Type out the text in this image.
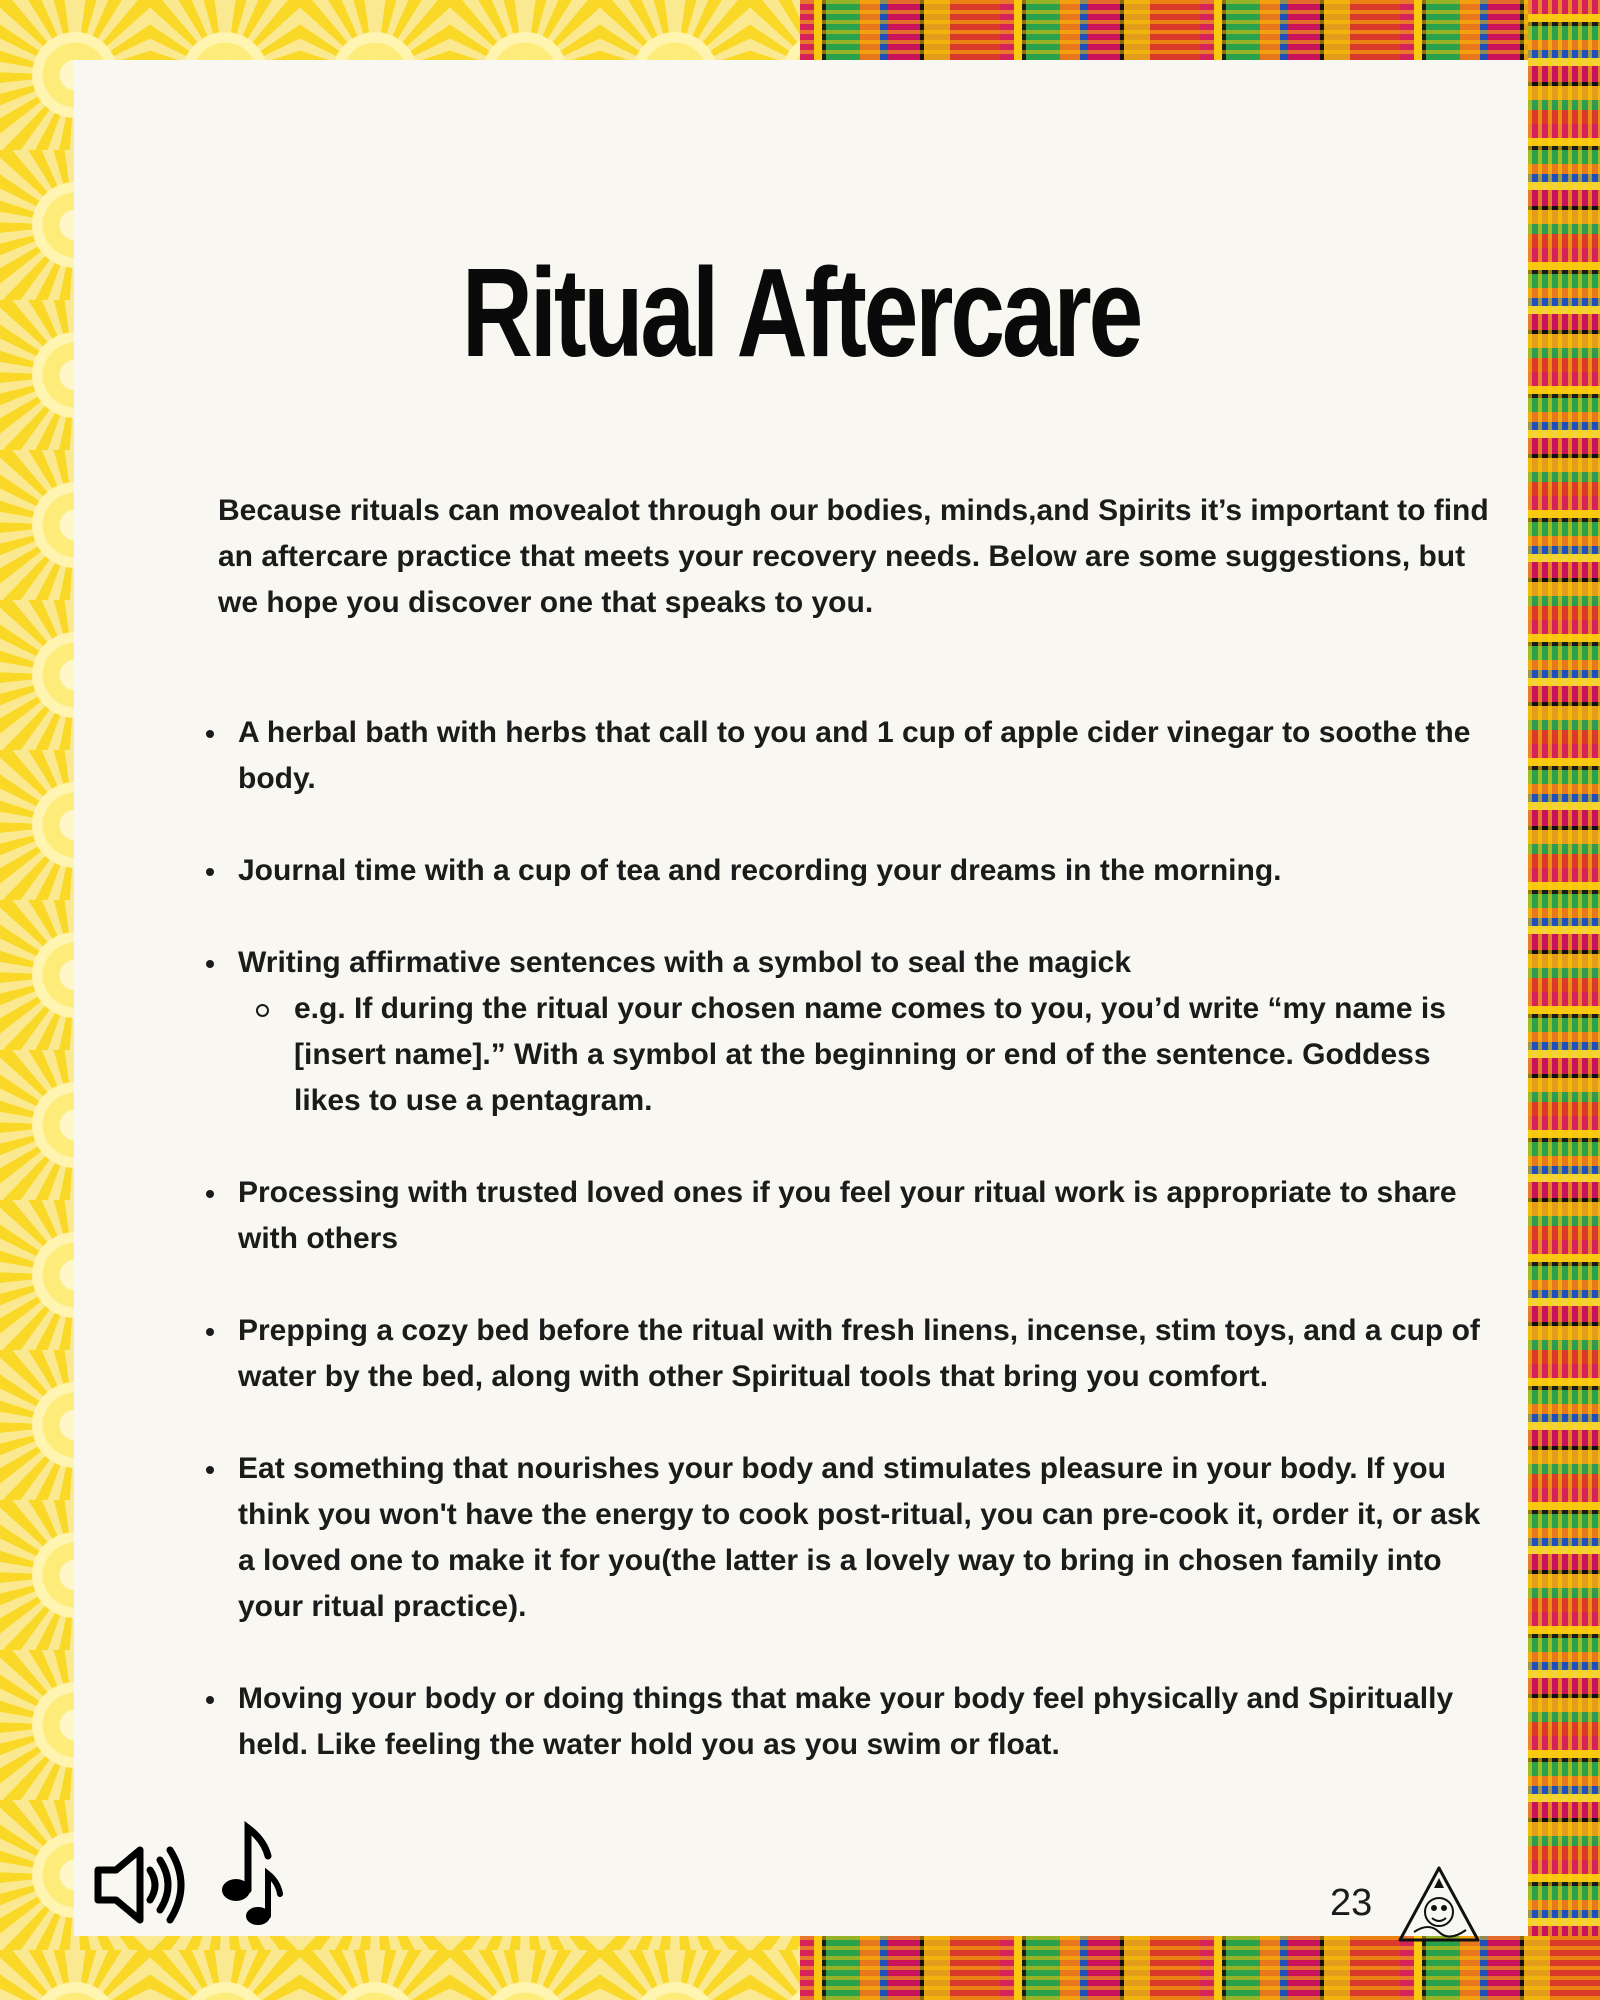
Ritual Aftercare

Because rituals can movealot through our bodies, minds,and Spirits it’s important to find an aftercare practice that meets your recovery needs. Below are some suggestions, but we hope you discover one that speaks to you.

A herbal bath with herbs that call to you and 1 cup of apple cider vinegar to soothe the body.
Journal time with a cup of tea and recording your dreams in the morning.
Writing affirmative sentences with a symbol to seal the magick
e.g. If during the ritual your chosen name comes to you, you’d write “my name is [insert name].” With a symbol at the beginning or end of the sentence. Goddess likes to use a pentagram.
Processing with trusted loved ones if you feel your ritual work is appropriate to share with others
Prepping a cozy bed before the ritual with fresh linens, incense, stim toys, and a cup of water by the bed, along with other Spiritual tools that bring you comfort.
Eat something that nourishes your body and stimulates pleasure in your body. If you think you won't have the energy to cook post-ritual, you can pre-cook it, order it, or ask a loved one to make it for you(the latter is a lovely way to bring in chosen family into your ritual practice).
Moving your body or doing things that make your body feel physically and Spiritually held. Like feeling the water hold you as you swim or float.
23
